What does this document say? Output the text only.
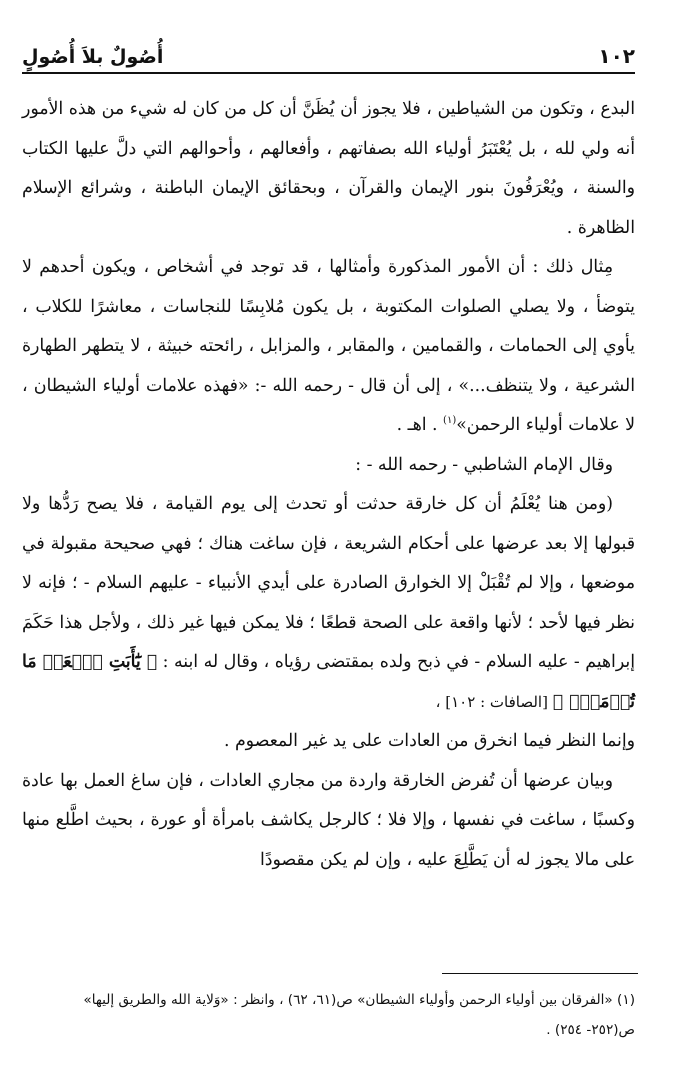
١٠٢
أُصُولٌ بلاَ أُصُولٍ

البدع ، وتكون من الشياطين ، فلا يجوز أن يُظَنَّ أن كل من كان له شيء من هذه الأمور أنه ولي لله ، بل يُعْتَبَرُ أولياء الله بصفاتهم ، وأفعالهم ، وأحوالهم التي دلَّ عليها الكتاب والسنة ، ويُعْرَفُونَ بنور الإيمان والقرآن ، وبحقائق الإيمان الباطنة ، وشرائع الإسلام الظاهرة .

مِثال ذلك : أن الأمور المذكورة وأمثالها ، قد توجد في أشخاص ، ويكون أحدهم لا يتوضأ ، ولا يصلي الصلوات المكتوبة ، بل يكون مُلابِسًا للنجاسات ، معاشرًا للكلاب ، يأوي إلى الحمامات ، والقمامين ، والمقابر ، والمزابل ، رائحته خبيثة ، لا يتطهر الطهارة الشرعية ، ولا يتنظف...» ، إلى أن قال - رحمه الله -: «فهذه علامات أولياء الشيطان ، لا علامات أولياء الرحمن»$^{(١)}$ . اهـ .

وقال الإمام الشاطبي - رحمه الله - :

(ومن هنا يُعْلَمُ أن كل خارقة حدثت أو تحدث إلى يوم القيامة ، فلا يصح رَدُّها ولا قبولها إلا بعد عرضها على أحكام الشريعة ، فإن ساغت هناك ؛ فهي صحيحة مقبولة في موضعها ، وإلا لم تُقْبَلْ إلا الخوارق الصادرة على أيدي الأنبياء - عليهم السلام - ؛ فإنه لا نظر فيها لأحد ؛ لأنها واقعة على الصحة قطعًا ؛ فلا يمكن فيها غير ذلك ، ولأجل هذا حَكَمَ إبراهيم - عليه السلام - في ذبح ولده بمقتضى رؤياه ، وقال له ابنه : ﴿ يَٰٓأَبَتِ ٱفۡعَلۡ مَا تُؤۡمَرُۖ ﴾ [الصافات : ١٠٢] ،

وإنما النظر فيما انخرق من العادات على يد غير المعصوم .

وبيان عرضها أن تُفرض الخارقة واردة من مجاري العادات ، فإن ساغ العمل بها عادة وكسبًا ، ساغت في نفسها ، وإلا فلا ؛ كالرجل يكاشف بامرأة أو عورة ، بحيث اطَّلع منها على مالا يجوز له أن يَطَّلِعَ عليه ، وإن لم يكن مقصودًا

(١) «الفرقان بين أولياء الرحمن وأولياء الشيطان» ص(٦١، ٦٢) ، وانظر : «وَلاية الله والطريق إليها»

ص(٢٥٢- ٢٥٤) .
